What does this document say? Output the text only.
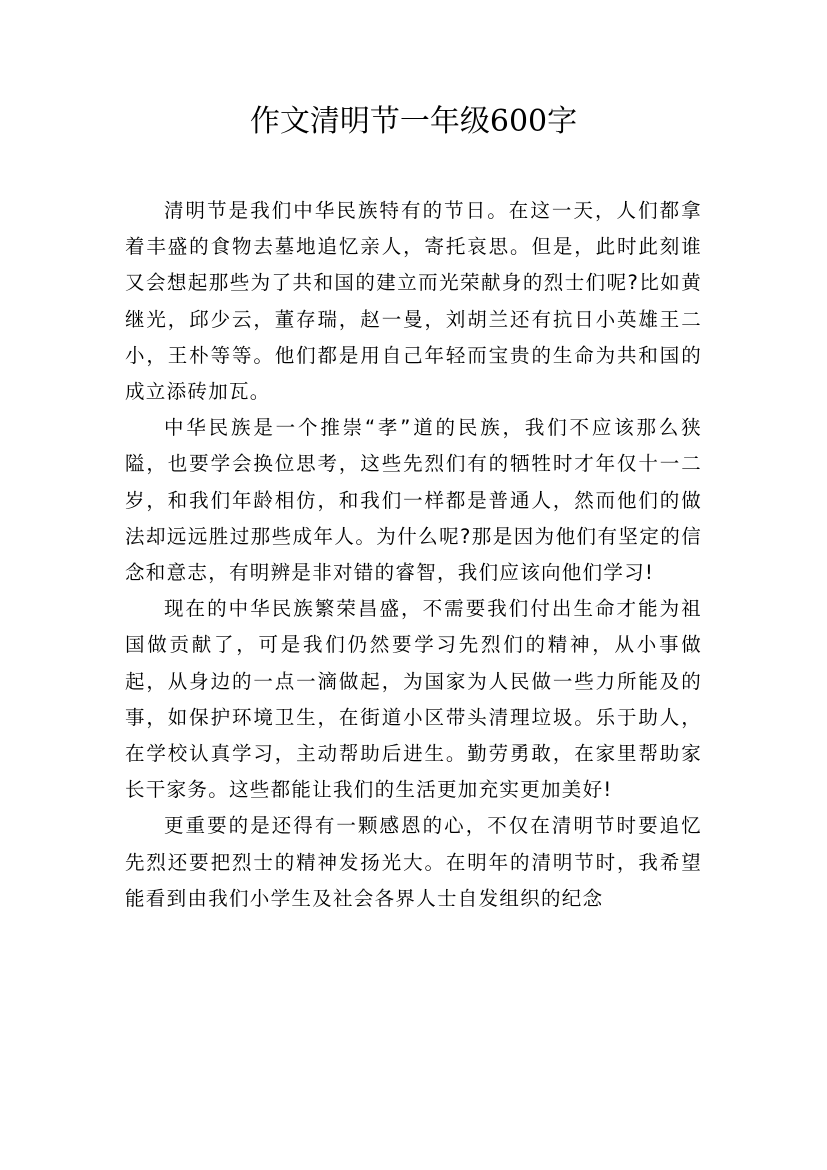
作文清明节一年级600字

清明节是我们中华民族特有的节日。在这一天，人们都拿着丰盛的食物去墓地追忆亲人，寄托哀思。但是，此时此刻谁又会想起那些为了共和国的建立而光荣献身的烈士们呢?比如黄继光，邱少云，董存瑞，赵一曼，刘胡兰还有抗日小英雄王二小，王朴等等。他们都是用自己年轻而宝贵的生命为共和国的成立添砖加瓦。

中华民族是一个推崇“孝”道的民族，我们不应该那么狭隘，也要学会换位思考，这些先烈们有的牺牲时才年仅十一二岁，和我们年龄相仿，和我们一样都是普通人，然而他们的做法却远远胜过那些成年人。为什么呢?那是因为他们有坚定的信念和意志，有明辨是非对错的睿智，我们应该向他们学习!

现在的中华民族繁荣昌盛，不需要我们付出生命才能为祖国做贡献了，可是我们仍然要学习先烈们的精神，从小事做起，从身边的一点一滴做起，为国家为人民做一些力所能及的事，如保护环境卫生，在街道小区带头清理垃圾。乐于助人，在学校认真学习，主动帮助后进生。勤劳勇敢，在家里帮助家长干家务。这些都能让我们的生活更加充实更加美好!

更重要的是还得有一颗感恩的心，不仅在清明节时要追忆先烈还要把烈士的精神发扬光大。在明年的清明节时，我希望能看到由我们小学生及社会各界人士自发组织的纪念
